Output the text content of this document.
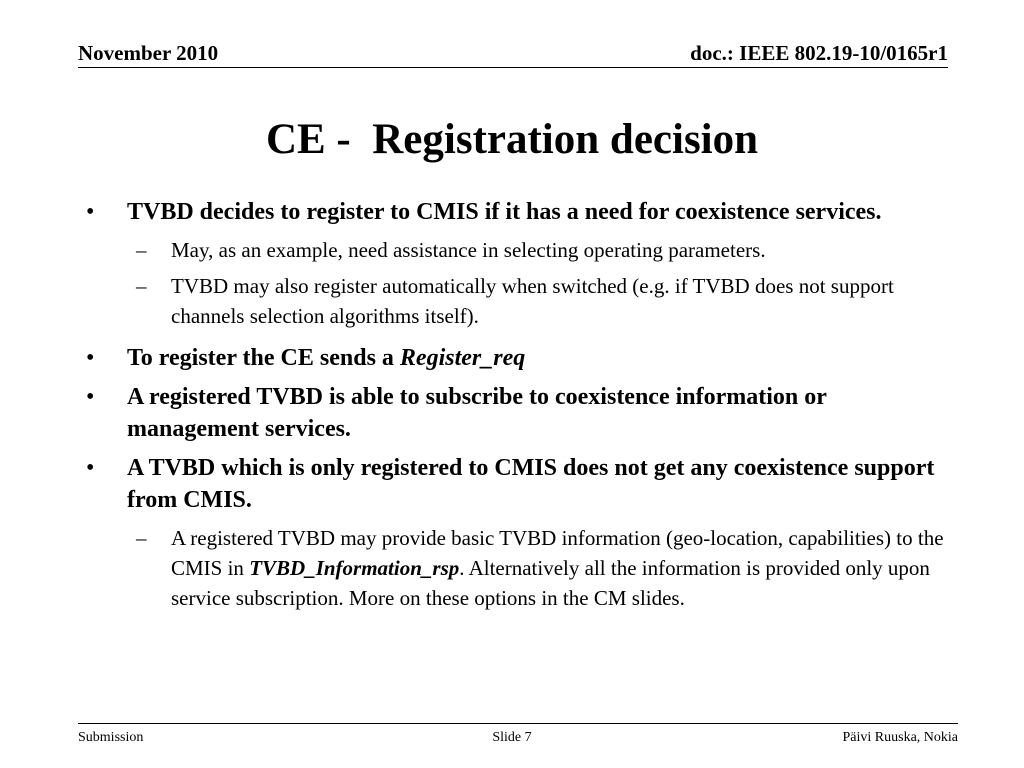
November 2010	doc.: IEEE 802.19-10/0165r1
CE -  Registration decision
• TVBD decides to register to CMIS if it has a need for coexistence services.
– May, as an example, need assistance in selecting operating parameters.
– TVBD may also register automatically when switched (e.g. if TVBD does not support channels selection algorithms itself).
• To register the CE sends a Register_req
• A registered TVBD is able to subscribe to coexistence information or management services.
• A TVBD which is only registered to CMIS does not get any coexistence support from CMIS.
– A registered TVBD may provide basic TVBD information (geo-location, capabilities) to the CMIS in TVBD_Information_rsp. Alternatively all the information is provided only upon service subscription. More on these options in the CM slides.
Submission	Slide 7	Päivi Ruuska, Nokia
